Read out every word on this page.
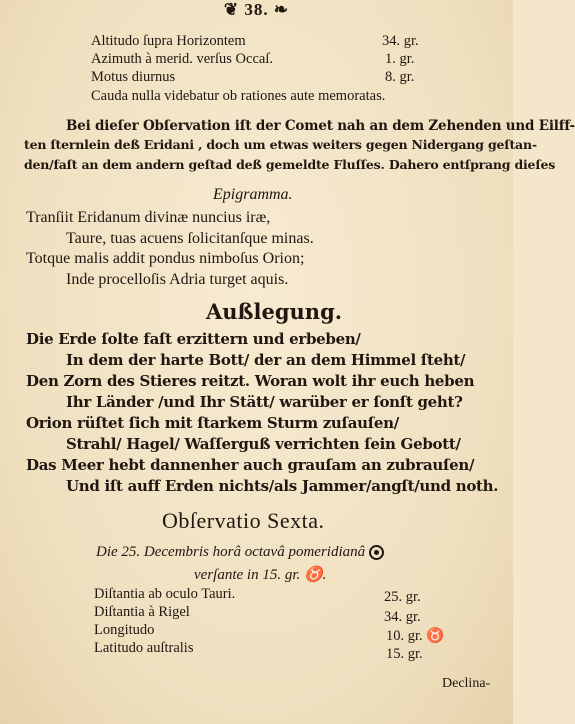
❦ 38. ❧
Altitudo ſupra Horizontem	34. gr.
Azimuth à merid. verſus Occaſ.	1. gr.
Motus diurnus	8. gr.
Cauda nulla videbatur ob rationes aute memoratas.
Bei dieſer Obſervation iſt der Comet nah an dem Zehenden und Eilff-
ten ſternlein deß Eridani , doch um etwas weiters gegen Nidergang geſtan-
den/faſt an dem andern geſtad deß gemeldte Fluſſes. Dahero entſprang dieſes
Epigramma.
Tranſiit Eridanum divinæ nuncius iræ,
Taure, tuas acuens ſolicitanſque minas.
Totque malis addit pondus nimboſus Orion;
Inde procelloſis Adria turget aquis.
Außlegung.
Die Erde ſolte faſt erzittern und erbeben/
In dem der harte Bott/ der an dem Himmel ſteht/
Den Zorn des Stieres reitzt. Woran wolt ihr euch heben
Ihr Länder /und Ihr Stätt/ warüber er ſonſt geht?
Orion rüſtet ſich mit ſtarkem Sturm zuſauſen/
Strahl/ Hagel/ Waſſerguß verrichten ſein Gebott/
Das Meer hebt dannenher auch grauſam an zubrauſen/
Und iſt auff Erden nichts/als Jammer/angſt/und noth.
Obſervatio Sexta.
Die 25. Decembris horâ octavâ pomeridianâ
verſante in 15. gr. ♉.
Diſtantia ab oculo Tauri.	25. gr.
Diſtantia à Rigel	34. gr.
Longitudo	10. gr. ♉
Latitudo auſtralis	15. gr.
Declina-
